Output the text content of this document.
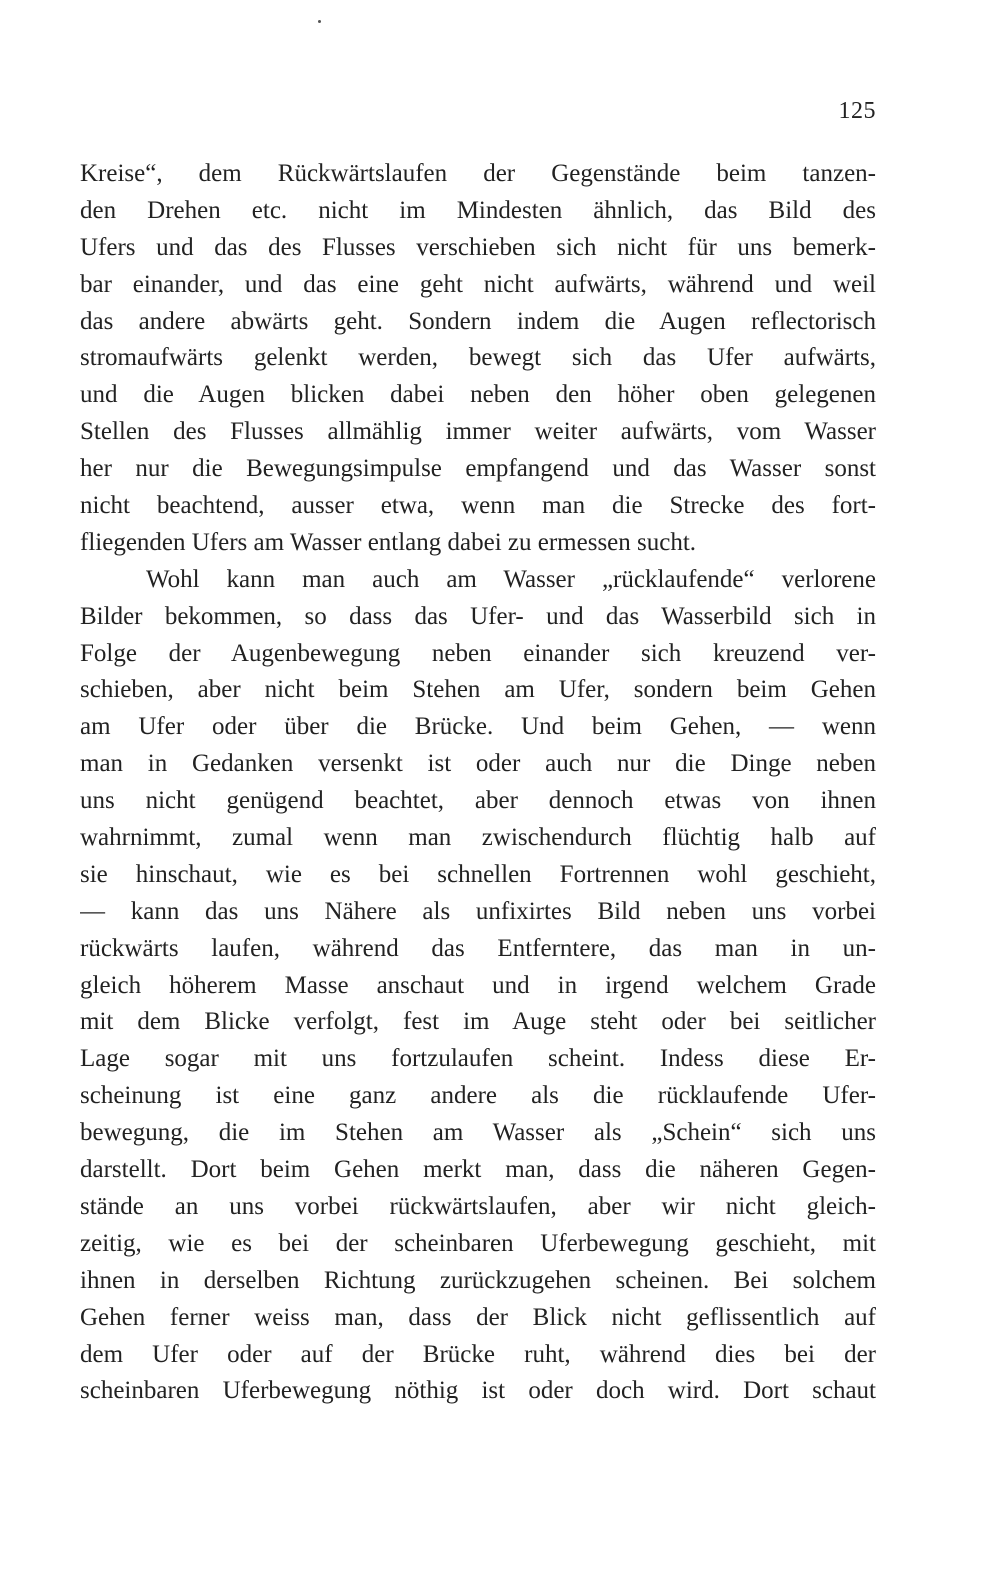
125
Kreise“, dem Rückwärtslaufen der Gegenstände beim tanzen-
den Drehen etc. nicht im Mindesten ähnlich, das Bild des
Ufers und das des Flusses verschieben sich nicht für uns bemerk-
bar einander, und das eine geht nicht aufwärts, während und weil
das andere abwärts geht. Sondern indem die Augen reflectorisch
stromaufwärts gelenkt werden, bewegt sich das Ufer aufwärts,
und die Augen blicken dabei neben den höher oben gelegenen
Stellen des Flusses allmählig immer weiter aufwärts, vom Wasser
her nur die Bewegungsimpulse empfangend und das Wasser sonst
nicht beachtend, ausser etwa, wenn man die Strecke des fort-
fliegenden Ufers am Wasser entlang dabei zu ermessen sucht.
Wohl kann man auch am Wasser „rücklaufende“ verlorene
Bilder bekommen, so dass das Ufer- und das Wasserbild sich in
Folge der Augenbewegung neben einander sich kreuzend ver-
schieben, aber nicht beim Stehen am Ufer, sondern beim Gehen
am Ufer oder über die Brücke. Und beim Gehen, — wenn
man in Gedanken versenkt ist oder auch nur die Dinge neben
uns nicht genügend beachtet, aber dennoch etwas von ihnen
wahrnimmt, zumal wenn man zwischendurch flüchtig halb auf
sie hinschaut, wie es bei schnellen Fortrennen wohl geschieht,
— kann das uns Nähere als unfixirtes Bild neben uns vorbei
rückwärts laufen, während das Entferntere, das man in un-
gleich höherem Masse anschaut und in irgend welchem Grade
mit dem Blicke verfolgt, fest im Auge steht oder bei seitlicher
Lage sogar mit uns fortzulaufen scheint. Indess diese Er-
scheinung ist eine ganz andere als die rücklaufende Ufer-
bewegung, die im Stehen am Wasser als „Schein“ sich uns
darstellt. Dort beim Gehen merkt man, dass die näheren Gegen-
stände an uns vorbei rückwärtslaufen, aber wir nicht gleich-
zeitig, wie es bei der scheinbaren Uferbewegung geschieht, mit
ihnen in derselben Richtung zurückzugehen scheinen. Bei solchem
Gehen ferner weiss man, dass der Blick nicht geflissentlich auf
dem Ufer oder auf der Brücke ruht, während dies bei der
scheinbaren Uferbewegung nöthig ist oder doch wird. Dort schaut
